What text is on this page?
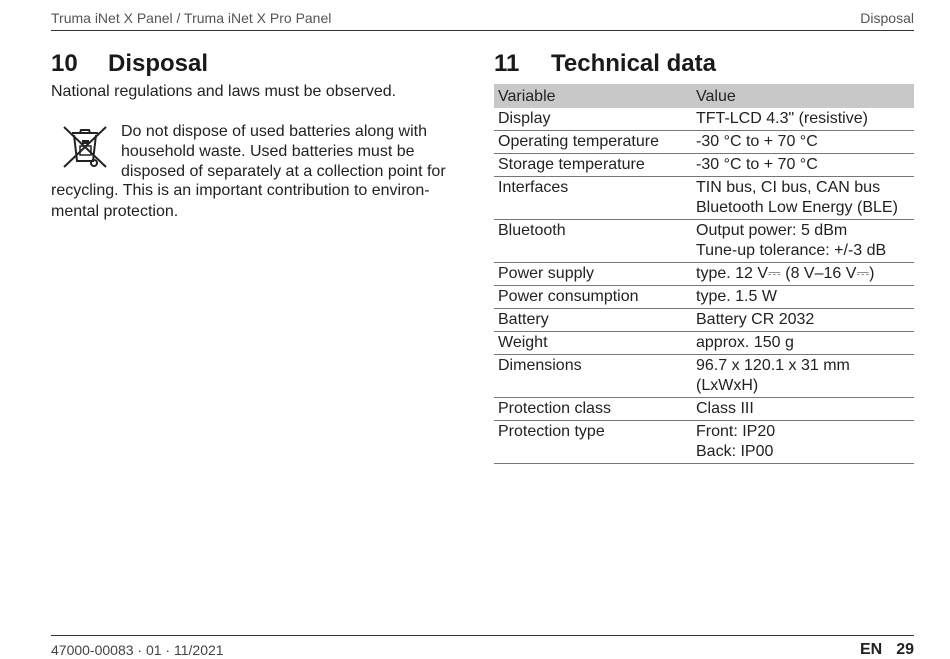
Truma iNet X Panel / Truma iNet X Pro Panel	Disposal
10 Disposal
National regulations and laws must be observed.
Do not dispose of used batteries along with
household waste. Used batteries must be
disposed of separately at a collection point for
recycling. This is an important contribution to environ-
mental protection.
11 Technical data
Variable	Value
Display	TFT-LCD 4.3" (resistive)

Operating temperature	-30 °C to + 70 °C

Storage temperature	-30 °C to + 70 °C

Interfaces	TIN bus, CI bus, CAN bus
Bluetooth Low Energy (BLE)

Bluetooth	Output power: 5 dBm
Tune-up tolerance: +/-3 dB

Power supply	type. 12 V⎓ (8 V–16 V⎓)

Power consumption	type. 1.5 W

Battery	Battery CR 2032

Weight	approx. 150 g

Dimensions	96.7 x 120.1 x 31 mm
(LxWxH)

Protection class	Class III

Protection type	Front: IP20
Back: IP00
47000-00083 · 01 · 11/2021	EN 29
